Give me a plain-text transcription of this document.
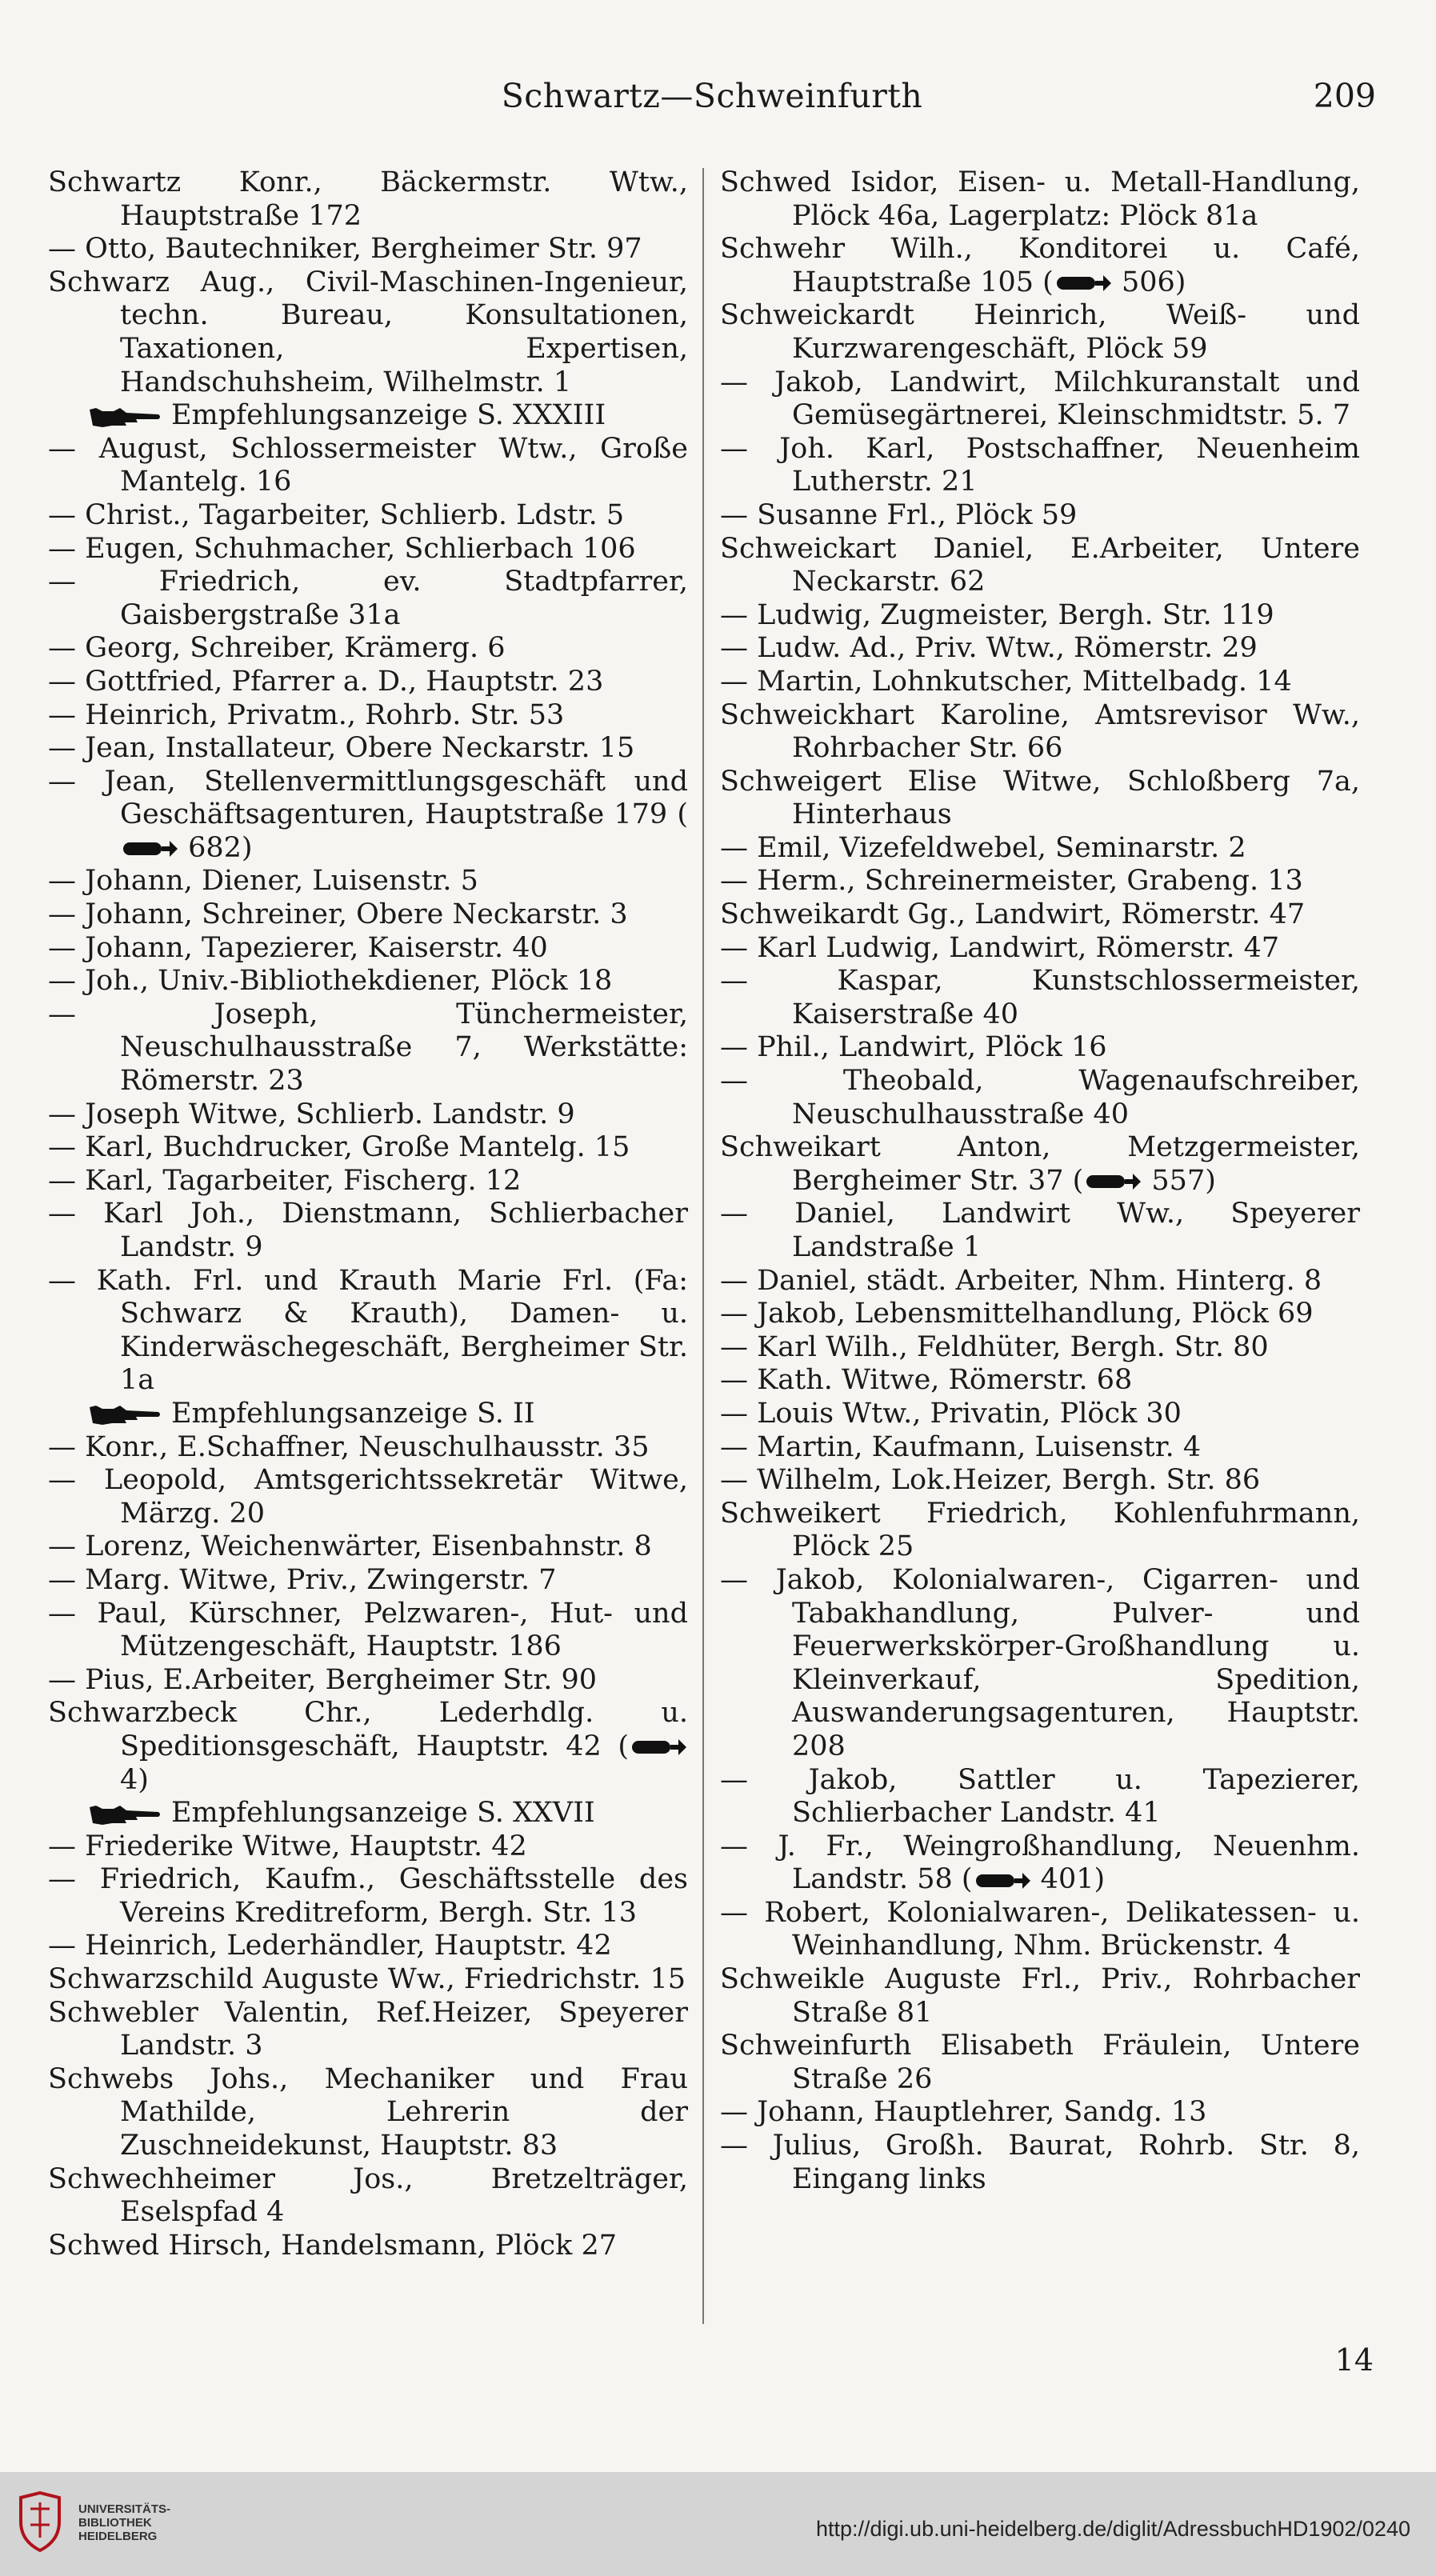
Schwartz—Schweinfurth	209
Schwartz Konr., Bäckermstr. Wtw., Hauptstraße 172
— Otto, Bautechniker, Bergheimer Str. 97
Schwarz Aug., Civil-Maschinen-Ingenieur, techn. Bureau, Konsultationen, Taxationen, Expertisen, Handschuhsheim, Wilhelmstr. 1
Empfehlungsanzeige S. XXXIII
— August, Schlossermeister Wtw., Große Mantelg. 16
— Christ., Tagarbeiter, Schlierb. Ldstr. 5
— Eugen, Schuhmacher, Schlierbach 106
— Friedrich, ev. Stadtpfarrer, Gaisbergstraße 31a
— Georg, Schreiber, Krämerg. 6
— Gottfried, Pfarrer a. D., Hauptstr. 23
— Heinrich, Privatm., Rohrb. Str. 53
— Jean, Installateur, Obere Neckarstr. 15
— Jean, Stellenvermittlungsgeschäft und Geschäftsagenturen, Hauptstraße 179 ( 682)
— Johann, Diener, Luisenstr. 5
— Johann, Schreiner, Obere Neckarstr. 3
— Johann, Tapezierer, Kaiserstr. 40
— Joh., Univ.-Bibliothekdiener, Plöck 18
— Joseph, Tünchermeister, Neuschulhausstraße 7, Werkstätte: Römerstr. 23
— Joseph Witwe, Schlierb. Landstr. 9
— Karl, Buchdrucker, Große Mantelg. 15
— Karl, Tagarbeiter, Fischerg. 12
— Karl Joh., Dienstmann, Schlierbacher Landstr. 9
— Kath. Frl. und Krauth Marie Frl. (Fa: Schwarz & Krauth), Damen- u. Kinderwäschegeschäft, Bergheimer Str. 1a
Empfehlungsanzeige S. II
— Konr., E.Schaffner, Neuschulhausstr. 35
— Leopold, Amtsgerichtssekretär Witwe, Märzg. 20
— Lorenz, Weichenwärter, Eisenbahnstr. 8
— Marg. Witwe, Priv., Zwingerstr. 7
— Paul, Kürschner, Pelzwaren-, Hut- und Mützengeschäft, Hauptstr. 186
— Pius, E.Arbeiter, Bergheimer Str. 90
Schwarzbeck Chr., Lederhdlg. u. Speditionsgeschäft, Hauptstr. 42 ( 4)
Empfehlungsanzeige S. XXVII
— Friederike Witwe, Hauptstr. 42
— Friedrich, Kaufm., Geschäftsstelle des Vereins Kreditreform, Bergh. Str. 13
— Heinrich, Lederhändler, Hauptstr. 42
Schwarzschild Auguste Ww., Friedrichstr. 15
Schwebler Valentin, Ref.Heizer, Speyerer Landstr. 3
Schwebs Johs., Mechaniker und Frau Mathilde, Lehrerin der Zuschneidekunst, Hauptstr. 83
Schwechheimer Jos., Bretzelträger, Eselspfad 4
Schwed Hirsch, Handelsmann, Plöck 27
Schwed Isidor, Eisen- u. Metall-Handlung, Plöck 46a, Lagerplatz: Plöck 81a
Schwehr Wilh., Konditorei u. Café, Hauptstraße 105 ( 506)
Schweickardt Heinrich, Weiß- und Kurzwarengeschäft, Plöck 59
— Jakob, Landwirt, Milchkuranstalt und Gemüsegärtnerei, Kleinschmidtstr. 5. 7
— Joh. Karl, Postschaffner, Neuenheim Lutherstr. 21
— Susanne Frl., Plöck 59
Schweickart Daniel, E.Arbeiter, Untere Neckarstr. 62
— Ludwig, Zugmeister, Bergh. Str. 119
— Ludw. Ad., Priv. Wtw., Römerstr. 29
— Martin, Lohnkutscher, Mittelbadg. 14
Schweickhart Karoline, Amtsrevisor Ww., Rohrbacher Str. 66
Schweigert Elise Witwe, Schloßberg 7a, Hinterhaus
— Emil, Vizefeldwebel, Seminarstr. 2
— Herm., Schreinermeister, Grabeng. 13
Schweikardt Gg., Landwirt, Römerstr. 47
— Karl Ludwig, Landwirt, Römerstr. 47
— Kaspar, Kunstschlossermeister, Kaiserstraße 40
— Phil., Landwirt, Plöck 16
— Theobald, Wagenaufschreiber, Neuschulhausstraße 40
Schweikart Anton, Metzgermeister, Bergheimer Str. 37 ( 557)
— Daniel, Landwirt Ww., Speyerer Landstraße 1
— Daniel, städt. Arbeiter, Nhm. Hinterg. 8
— Jakob, Lebensmittelhandlung, Plöck 69
— Karl Wilh., Feldhüter, Bergh. Str. 80
— Kath. Witwe, Römerstr. 68
— Louis Wtw., Privatin, Plöck 30
— Martin, Kaufmann, Luisenstr. 4
— Wilhelm, Lok.Heizer, Bergh. Str. 86
Schweikert Friedrich, Kohlenfuhrmann, Plöck 25
— Jakob, Kolonialwaren-, Cigarren- und Tabakhandlung, Pulver- und Feuerwerkskörper-Großhandlung u. Kleinverkauf, Spedition, Auswanderungsagenturen, Hauptstr. 208
— Jakob, Sattler u. Tapezierer, Schlierbacher Landstr. 41
— J. Fr., Weingroßhandlung, Neuenhm. Landstr. 58 ( 401)
— Robert, Kolonialwaren-, Delikatessen- u. Weinhandlung, Nhm. Brückenstr. 4
Schweikle Auguste Frl., Priv., Rohrbacher Straße 81
Schweinfurth Elisabeth Fräulein, Untere Straße 26
— Johann, Hauptlehrer, Sandg. 13
— Julius, Großh. Baurat, Rohrb. Str. 8, Eingang links
14
UNIVERSITÄTS-
BIBLIOTHEK
HEIDELBERG	http://digi.ub.uni-heidelberg.de/diglit/AdressbuchHD1902/0240
